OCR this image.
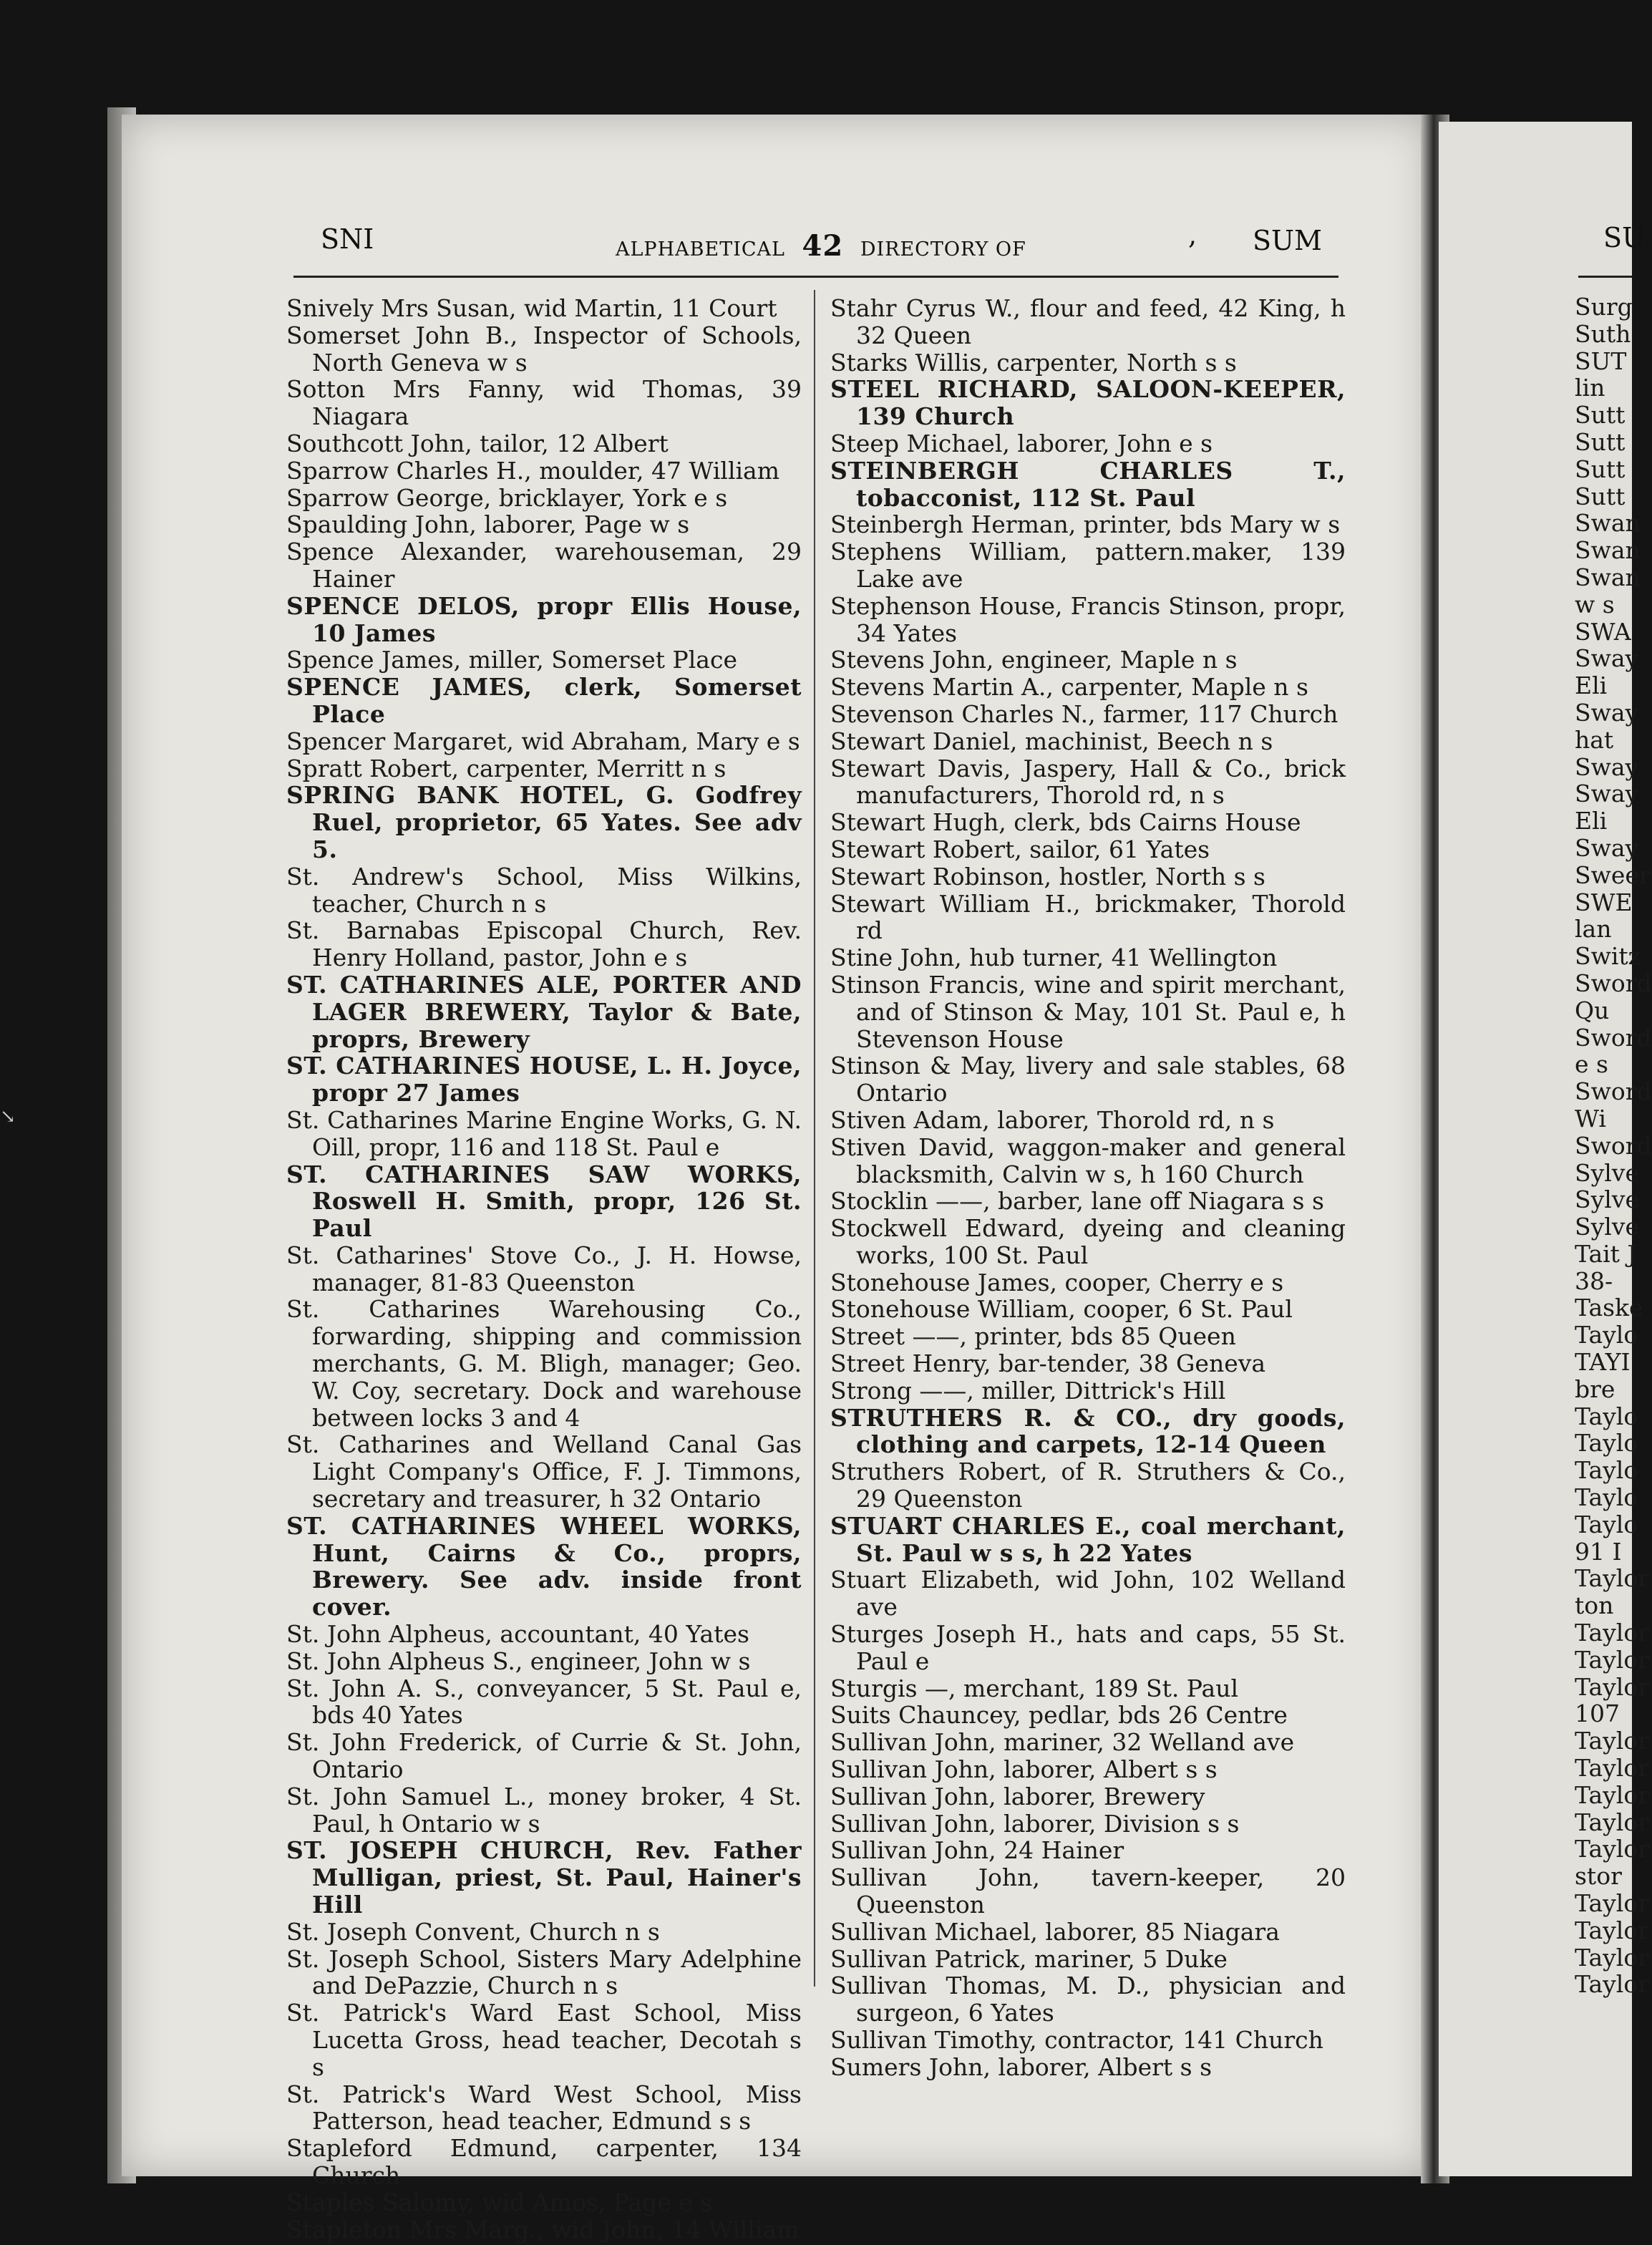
↘
SNI	ALPHABETICAL 42 DIRECTORY OF	, SUM
Snively Mrs Susan, wid Martin, 11 Court
Somerset John B., Inspector of Schools, North Geneva w s
Sotton Mrs Fanny, wid Thomas, 39 Niagara
Southcott John, tailor, 12 Albert
Sparrow Charles H., moulder, 47 William
Sparrow George, bricklayer, York e s
Spaulding John, laborer, Page w s
Spence Alexander, warehouseman, 29 Hainer
SPENCE DELOS, propr Ellis House, 10 James
Spence James, miller, Somerset Place
SPENCE JAMES, clerk, Somerset Place
Spencer Margaret, wid Abraham, Mary e s
Spratt Robert, carpenter, Merritt n s
SPRING BANK HOTEL, G. Godfrey Ruel, proprietor, 65 Yates. See adv 5.
St. Andrew's School, Miss Wilkins, teacher, Church n s
St. Barnabas Episcopal Church, Rev. Henry Holland, pastor, John e s
ST. CATHARINES ALE, PORTER AND LAGER BREWERY, Taylor & Bate, proprs, Brewery
ST. CATHARINES HOUSE, L. H. Joyce, propr 27 James
St. Catharines Marine Engine Works, G. N. Oill, propr, 116 and 118 St. Paul e
ST. CATHARINES SAW WORKS, Roswell H. Smith, propr, 126 St. Paul
St. Catharines' Stove Co., J. H. Howse, manager, 81-83 Queenston
St. Catharines Warehousing Co., forwarding, shipping and commission merchants, G. M. Bligh, manager; Geo. W. Coy, secretary. Dock and warehouse between locks 3 and 4
St. Catharines and Welland Canal Gas Light Company's Office, F. J. Timmons, secretary and treasurer, h 32 Ontario
ST. CATHARINES WHEEL WORKS, Hunt, Cairns & Co., proprs, Brewery. See adv. inside front cover.
St. John Alpheus, accountant, 40 Yates
St. John Alpheus S., engineer, John w s
St. John A. S., conveyancer, 5 St. Paul e, bds 40 Yates
St. John Frederick, of Currie & St. John, Ontario
St. John Samuel L., money broker, 4 St. Paul, h Ontario w s
ST. JOSEPH CHURCH, Rev. Father Mulligan, priest, St. Paul, Hainer's Hill
St. Joseph Convent, Church n s
St. Joseph School, Sisters Mary Adelphine and DePazzie, Church n s
St. Patrick's Ward East School, Miss Lucetta Gross, head teacher, Decotah s s
St. Patrick's Ward West School, Miss Patterson, head teacher, Edmund s s
Stapleford Edmund, carpenter, 134 Church
Staples Salomy, wid Amos, Page e s
Stapleton Mrs Marg., wid John, 14 William
Stahr Cyrus W., flour and feed, 42 King, h 32 Queen
Starks Willis, carpenter, North s s
STEEL RICHARD, SALOON-KEEPER, 139 Church
Steep Michael, laborer, John e s
STEINBERGH CHARLES T., tobacconist, 112 St. Paul
Steinbergh Herman, printer, bds Mary w s
Stephens William, pattern.maker, 139 Lake ave
Stephenson House, Francis Stinson, propr, 34 Yates
Stevens John, engineer, Maple n s
Stevens Martin A., carpenter, Maple n s
Stevenson Charles N., farmer, 117 Church
Stewart Daniel, machinist, Beech n s
Stewart Davis, Jaspery, Hall & Co., brick manufacturers, Thorold rd, n s
Stewart Hugh, clerk, bds Cairns House
Stewart Robert, sailor, 61 Yates
Stewart Robinson, hostler, North s s
Stewart William H., brickmaker, Thorold rd
Stine John, hub turner, 41 Wellington
Stinson Francis, wine and spirit merchant, and of Stinson & May, 101 St. Paul e, h Stevenson House
Stinson & May, livery and sale stables, 68 Ontario
Stiven Adam, laborer, Thorold rd, n s
Stiven David, waggon-maker and general blacksmith, Calvin w s, h 160 Church
Stocklin ——, barber, lane off Niagara s s
Stockwell Edward, dyeing and cleaning works, 100 St. Paul
Stonehouse James, cooper, Cherry e s
Stonehouse William, cooper, 6 St. Paul
Street ——, printer, bds 85 Queen
Street Henry, bar-tender, 38 Geneva
Strong ——, miller, Dittrick's Hill
STRUTHERS R. & CO., dry goods, clothing and carpets, 12-14 Queen
Struthers Robert, of R. Struthers & Co., 29 Queenston
STUART CHARLES E., coal merchant, St. Paul w s s, h 22 Yates
Stuart Elizabeth, wid John, 102 Welland ave
Sturges Joseph H., hats and caps, 55 St. Paul e
Sturgis —, merchant, 189 St. Paul
Suits Chauncey, pedlar, bds 26 Centre
Sullivan John, mariner, 32 Welland ave
Sullivan John, laborer, Albert s s
Sullivan John, laborer, Brewery
Sullivan John, laborer, Division s s
Sullivan John, 24 Hainer
Sullivan John, tavern-keeper, 20 Queenston
Sullivan Michael, laborer, 85 Niagara
Sullivan Patrick, mariner, 5 Duke
Sullivan Thomas, M. D., physician and surgeon, 6 Yates
Sullivan Timothy, contractor, 141 Church
Sumers John, laborer, Albert s s
SU
Surg
Suth
SUT
lin
Sutt
Sutt
Sutt
Sutt
Swan
Swan
Swan
w s
SWA
Sway
Eli
Sway
hat
Sway
Sway
Eli
Sway
Sweer
SWE
lan
Switz
Sword
Qu
Sword
e s
Sword
Wi
Sword
Sylve
Sylve
Sylve
Tait J
38-
Taske
Taylo
TAYI
bre
Taylo
Taylo
Taylo
Taylo
Taylo
91 I
Taylor
ton
Taylor
Taylor
Taylor
107
Taylor
Taylor
Taylor
Taylor
Taylor
stor
Taylor
Taylor
Taylor
Taylor
